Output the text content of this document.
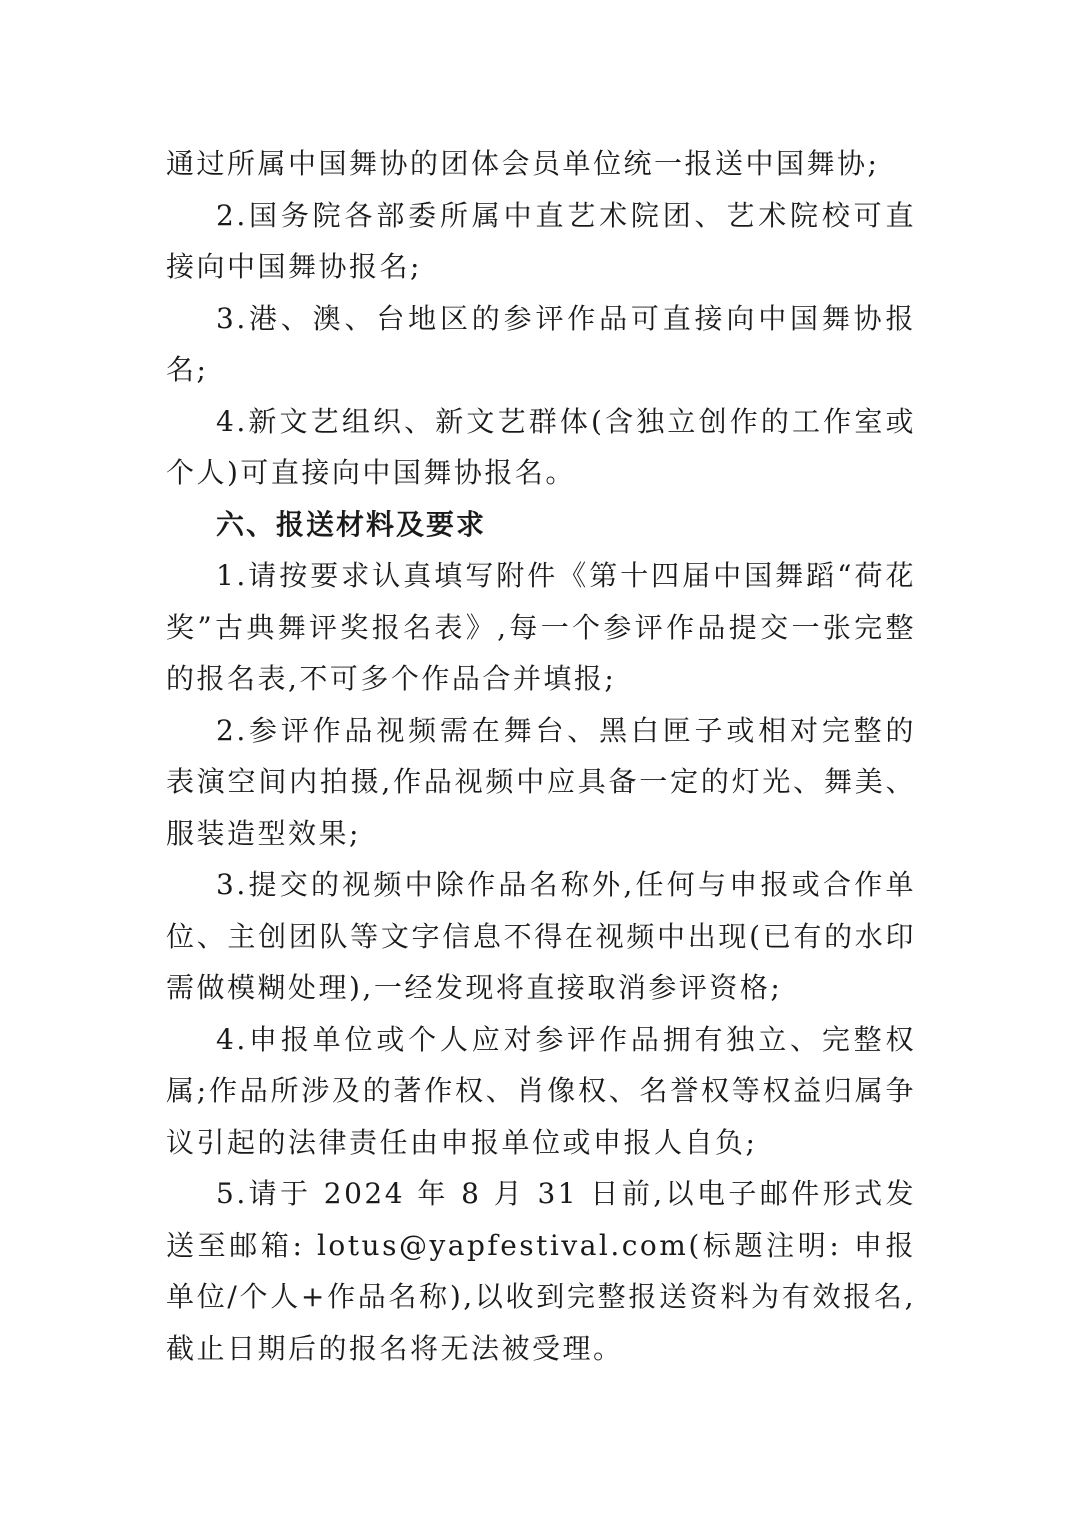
通过所属中国舞协的团体会员单位统一报送中国舞协;

2.国务院各部委所属中直艺术院团、艺术院校可直接向中国舞协报名;

3.港、澳、台地区的参评作品可直接向中国舞协报名;

4.新文艺组织、新文艺群体(含独立创作的工作室或个人)可直接向中国舞协报名。

六、报送材料及要求

1.请按要求认真填写附件《第十四届中国舞蹈“荷花奖”古典舞评奖报名表》,每一个参评作品提交一张完整的报名表,不可多个作品合并填报;

2.参评作品视频需在舞台、黑白匣子或相对完整的表演空间内拍摄,作品视频中应具备一定的灯光、舞美、服装造型效果;

3.提交的视频中除作品名称外,任何与申报或合作单位、主创团队等文字信息不得在视频中出现(已有的水印需做模糊处理),一经发现将直接取消参评资格;

4.申报单位或个人应对参评作品拥有独立、完整权属;作品所涉及的著作权、肖像权、名誉权等权益归属争议引起的法律责任由申报单位或申报人自负;

5.请于 2024 年 8 月 31 日前,以电子邮件形式发送至邮箱: lotus@yapfestival.com(标题注明: 申报单位/个人+作品名称),以收到完整报送资料为有效报名,截止日期后的报名将无法被受理。
